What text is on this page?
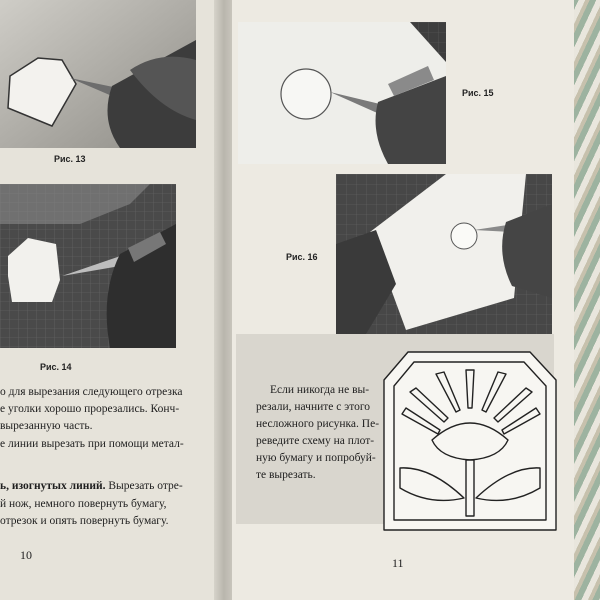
Рис. 13
Рис. 14
о для вырезания следующего отрезка
е уголки хорошо прорезались. Конч-
вырезанную часть.
е линии вырезать при помощи метал-
ь, изогнутых линий. Вырезать отре-
й нож, немного повернуть бумагу,
отрезок и опять повернуть бумагу.
10
Рис. 15
Рис. 16
Если никогда не вы-
резали, начните с этого
несложного рисунка. Пе-
реведите схему на плот-
ную бумагу и попробуй-
те вырезать.
11
